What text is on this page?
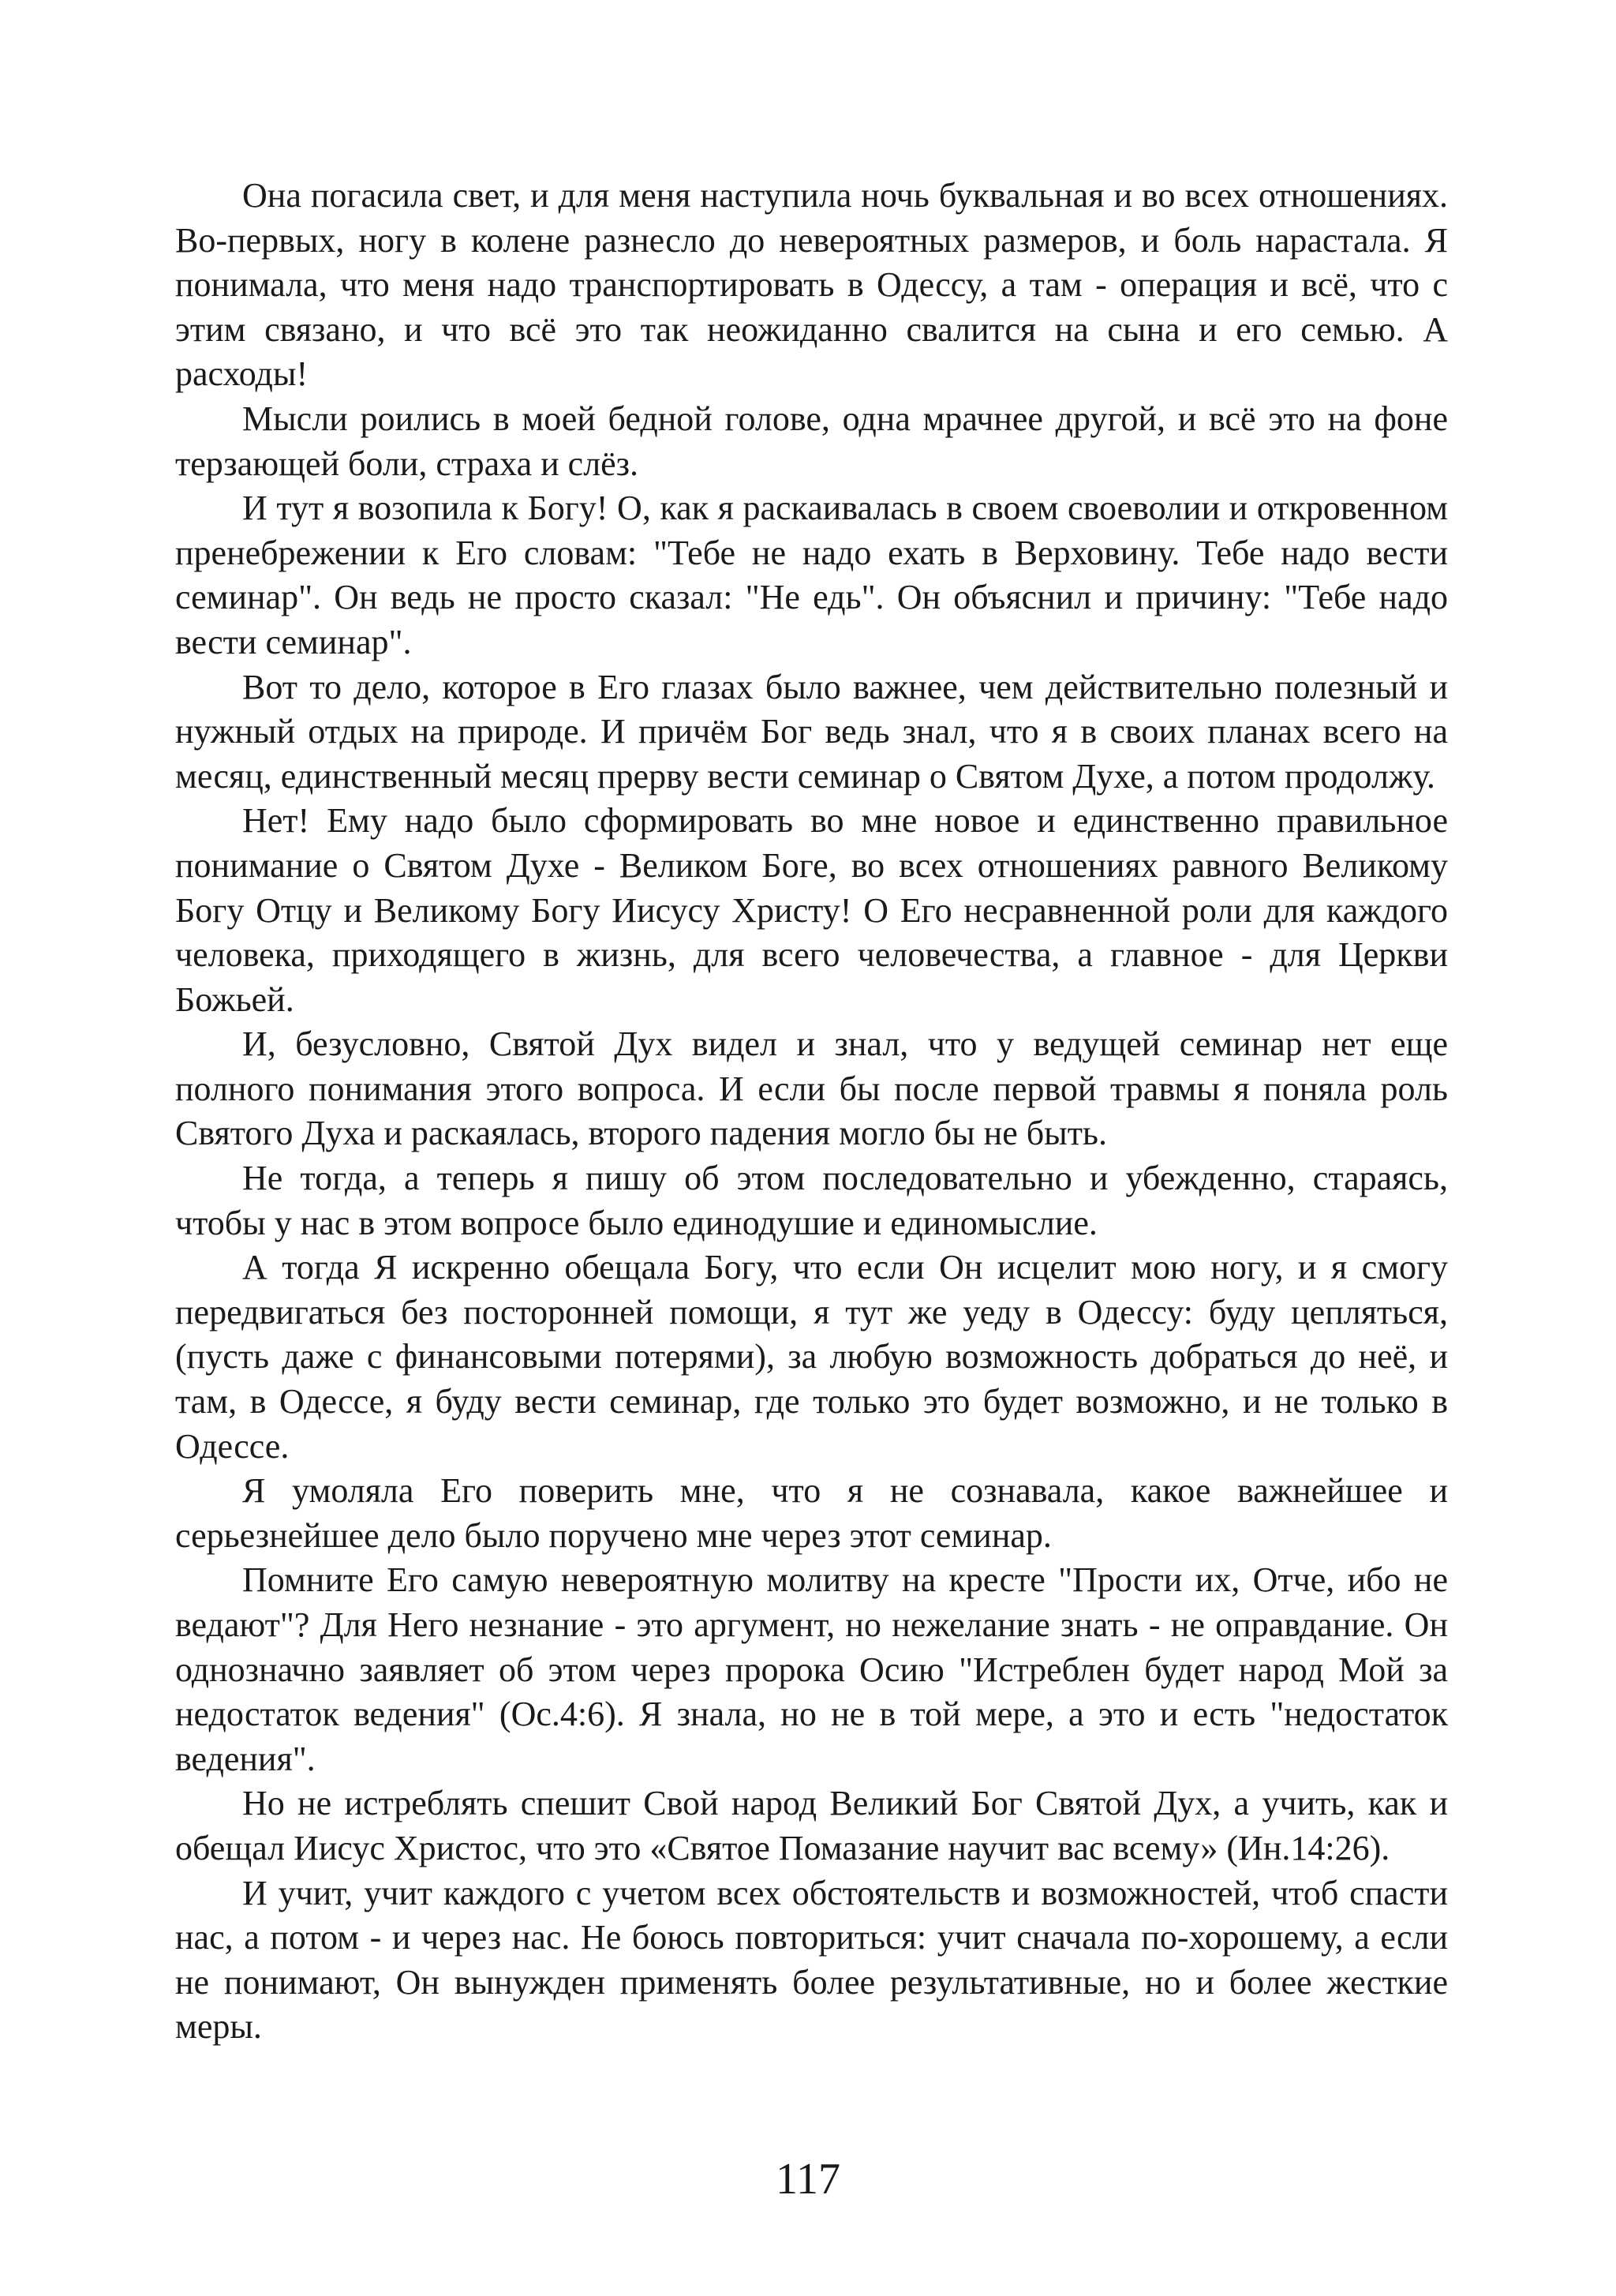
Она погасила свет, и для меня наступила ночь буквальная и во всех отношениях. Во-первых, ногу в колене разнесло до невероятных размеров, и боль нарастала. Я понимала, что меня надо транспортировать в Одессу, а там - операция и всё, что с этим связано, и что всё это так неожиданно свалится на сына и его семью. А расходы!

Мысли роились в моей бедной голове, одна мрачнее другой, и всё это на фоне терзающей боли, страха и слёз.

И тут я возопила к Богу! О, как я раскаивалась в своем своеволии и откровенном пренебрежении к Его словам: "Тебе не надо ехать в Верховину. Тебе надо вести семинар". Он ведь не просто сказал: "Не едь". Он объяснил и причину: "Тебе надо вести семинар".

Вот то дело, которое в Его глазах было важнее, чем действительно полезный и нужный отдых на природе. И причём Бог ведь знал, что я в своих планах всего на месяц, единственный месяц прерву вести семинар о Святом Духе, а потом продолжу.

Нет! Ему надо было сформировать во мне новое и единственно правильное понимание о Святом Духе - Великом Боге, во всех отношениях равного Великому Богу Отцу и Великому Богу Иисусу Христу! О Его несравненной роли для каждого человека, приходящего в жизнь, для всего человечества, а главное - для Церкви Божьей.

И, безусловно, Святой Дух видел и знал, что у ведущей семинар нет еще полного понимания этого вопроса. И если бы после первой травмы я поняла роль Святого Духа и раскаялась, второго падения могло бы не быть.

Не тогда, а теперь я пишу об этом последовательно и убежденно, стараясь, чтобы у нас в этом вопросе было единодушие и единомыслие.

А тогда Я искренно обещала Богу, что если Он исцелит мою ногу, и я смогу передвигаться без посторонней помощи, я тут же уеду в Одессу: буду цепляться, (пусть даже с финансовыми потерями), за любую возможность добраться до неё, и там, в Одессе, я буду вести семинар, где только это будет возможно, и не только в Одессе.

Я умоляла Его поверить мне, что я не сознавала, какое важнейшее и серьезнейшее дело было поручено мне через этот семинар.

Помните Его самую невероятную молитву на кресте "Прости их, Отче, ибо не ведают"? Для Него незнание - это аргумент, но нежелание знать - не оправдание. Он однозначно заявляет об этом через пророка Осию "Истреблен будет народ Мой за недостаток ведения" (Ос.4:6). Я знала, но не в той мере, а это и есть "недостаток ведения".

Но не истреблять спешит Свой народ Великий Бог Святой Дух, а учить, как и обещал Иисус Христос, что это «Святое Помазание научит вас всему» (Ин.14:26).

И учит, учит каждого с учетом всех обстоятельств и возможностей, чтоб спасти нас, а потом - и через нас. Не боюсь повториться: учит сначала по-хорошему, а если не понимают, Он вынужден применять более результативные, но и более жесткие меры.

117
